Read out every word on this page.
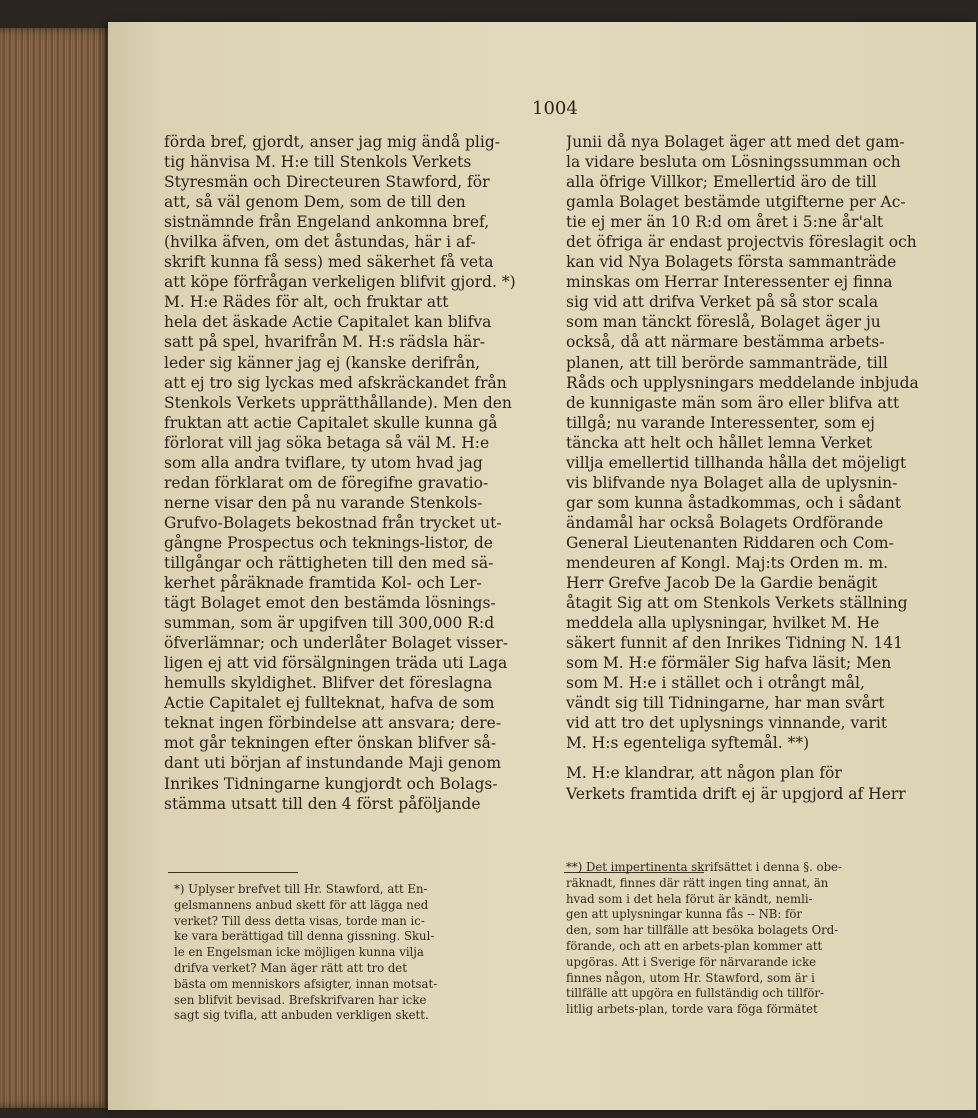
1004
förda bref, gjordt, anser jag mig ändå plig-
tig hänvisa M. H:e till Stenkols Verkets
Styresmän och Directeuren Stawford, för
att, så väl genom Dem, som de till den
sistnämnde från Engeland ankomna bref,
(hvilka äfven, om det åstundas, här i af-
skrift kunna få sess) med säkerhet få veta
att köpe förfrågan verkeligen blifvit gjord. *)
M. H:e Rädes för alt, och fruktar att
hela det äskade Actie Capitalet kan blifva
satt på spel, hvarifrån M. H:s rädsla här-
leder sig känner jag ej (kanske derifrån,
att ej tro sig lyckas med afskräckandet från
Stenkols Verkets upprätthållande). Men den
fruktan att actie Capitalet skulle kunna gå
förlorat vill jag söka betaga så väl M. H:e
som alla andra tviflare, ty utom hvad jag
redan förklarat om de föregifne gravatio-
nerne visar den på nu varande Stenkols-
Grufvo-Bolagets bekostnad från trycket ut-
gångne Prospectus och teknings-listor, de
tillgångar och rättigheten till den med sä-
kerhet påräknade framtida Kol- och Ler-
tägt Bolaget emot den bestämda lösnings-
summan, som är upgifven till 300,000 R:d
öfverlämnar; och underlåter Bolaget visser-
ligen ej att vid försälgningen träda uti Laga
hemulls skyldighet. Blifver det föreslagna
Actie Capitalet ej fullteknat, hafva de som
teknat ingen förbindelse att ansvara; dere-
mot går tekningen efter önskan blifver så-
dant uti början af instundande Maji genom
Inrikes Tidningarne kungjordt och Bolags-
stämma utsatt till den 4 först påföljande
Junii då nya Bolaget äger att med det gam-
la vidare besluta om Lösningssumman och
alla öfrige Villkor; Emellertid äro de till
gamla Bolaget bestämde utgifterne per Ac-
tie ej mer än 10 R:d om året i 5:ne år'alt
det öfriga är endast projectvis föreslagit och
kan vid Nya Bolagets första sammanträde
minskas om Herrar Interessenter ej finna
sig vid att drifva Verket på så stor scala
som man tänckt föreslå, Bolaget äger ju
också, då att närmare bestämma arbets-
planen, att till berörde sammanträde, till
Råds och upplysningars meddelande inbjuda
de kunnigaste män som äro eller blifva att
tillgå; nu varande Interessenter, som ej
täncka att helt och hållet lemna Verket
villja emellertid tillhanda hålla det möjeligt
vis blifvande nya Bolaget alla de uplysnin-
gar som kunna åstadkommas, och i sådant
ändamål har också Bolagets Ordförande
General Lieutenanten Riddaren och Com-
mendeuren af Kongl. Maj:ts Orden m. m.
Herr Grefve Jacob De la Gardie benägit
åtagit Sig att om Stenkols Verkets ställning
meddela alla uplysningar, hvilket M. He
säkert funnit af den Inrikes Tidning N. 141
som M. H:e förmäler Sig hafva läsit; Men
som M. H:e i stället och i otrångt mål,
vändt sig till Tidningarne, har man svårt
vid att tro det uplysnings vinnande, varit
M. H:s egenteliga syftemål. **)
M. H:e klandrar, att någon plan för
Verkets framtida drift ej är upgjord af Herr
*) Uplyser brefvet till Hr. Stawford, att En-
gelsmannens anbud skett för att lägga ned
verket? Till dess detta visas, torde man ic-
ke vara berättigad till denna gissning. Skul-
le en Engelsman icke möjligen kunna vilja
drifva verket? Man äger rätt att tro det
bästa om menniskors afsigter, innan motsat-
sen blifvit bevisad. Brefskrifvaren har icke
sagt sig tvifla, att anbuden verkligen skett.
**) Det impertinenta skrifsättet i denna §. obe-
räknadt, finnes där rätt ingen ting annat, än
hvad som i det hela förut är kändt, nemli-
gen att uplysningar kunna fås -- NB: för
den, som har tillfälle att besöka bolagets Ord-
förande, och att en arbets-plan kommer att
upgöras. Att i Sverige för närvarande icke
finnes någon, utom Hr. Stawford, som är i
tillfälle att upgöra en fullständig och tillför-
litlig arbets-plan, torde vara föga förmätet
